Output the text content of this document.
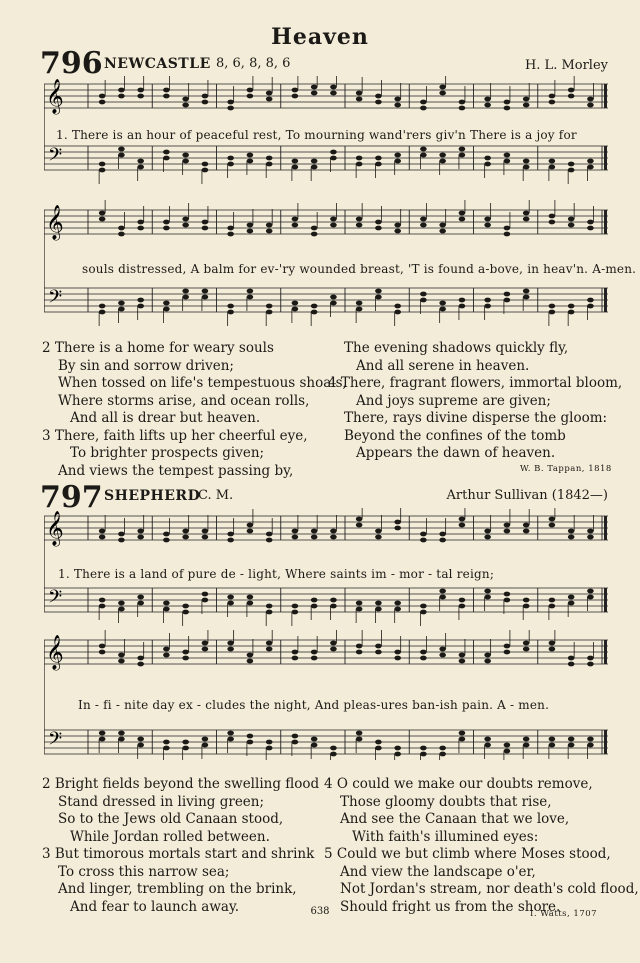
Heaven
796 NEWCASTLE 8, 6, 8, 8, 6	H. L. Morley
𝄞
𝄢
1. There is an hour of peaceful rest, To mourning wand'rers giv'n There is a joy for
𝄞
𝄢
souls distressed, A balm for ev-'ry wounded breast, 'T is found a-bove, in heav'n. A-men.
2 There is a home for weary souls
By sin and sorrow driven;
When tossed on life's tempestuous shoals,
Where storms arise, and ocean rolls,
And all is drear but heaven.
3 There, faith lifts up her cheerful eye,
To brighter prospects given;
And views the tempest passing by,
The evening shadows quickly fly,
And all serene in heaven.
4 There, fragrant flowers, immortal bloom,
And joys supreme are given;
There, rays divine disperse the gloom:
Beyond the confines of the tomb
Appears the dawn of heaven.
W. B. Tappan, 1818
797 SHEPHERD
C. M.	Arthur Sullivan (1842—)
𝄞
𝄢
1. There is a land of pure de - light, Where saints im - mor - tal reign;
𝄞
𝄢
In - fi - nite day ex - cludes the night, And pleas-ures ban-ish pain. A - men.
2 Bright fields beyond the swelling flood
Stand dressed in living green;
So to the Jews old Canaan stood,
While Jordan rolled between.
3 But timorous mortals start and shrink
To cross this narrow sea;
And linger, trembling on the brink,
And fear to launch away.
4 O could we make our doubts remove,
Those gloomy doubts that rise,
And see the Canaan that we love,
With faith's illumined eyes:
5 Could we but climb where Moses stood,
And view the landscape o'er,
Not Jordan's stream, nor death's cold flood,
Should fright us from the shore.
638	I. Watts, 1707
